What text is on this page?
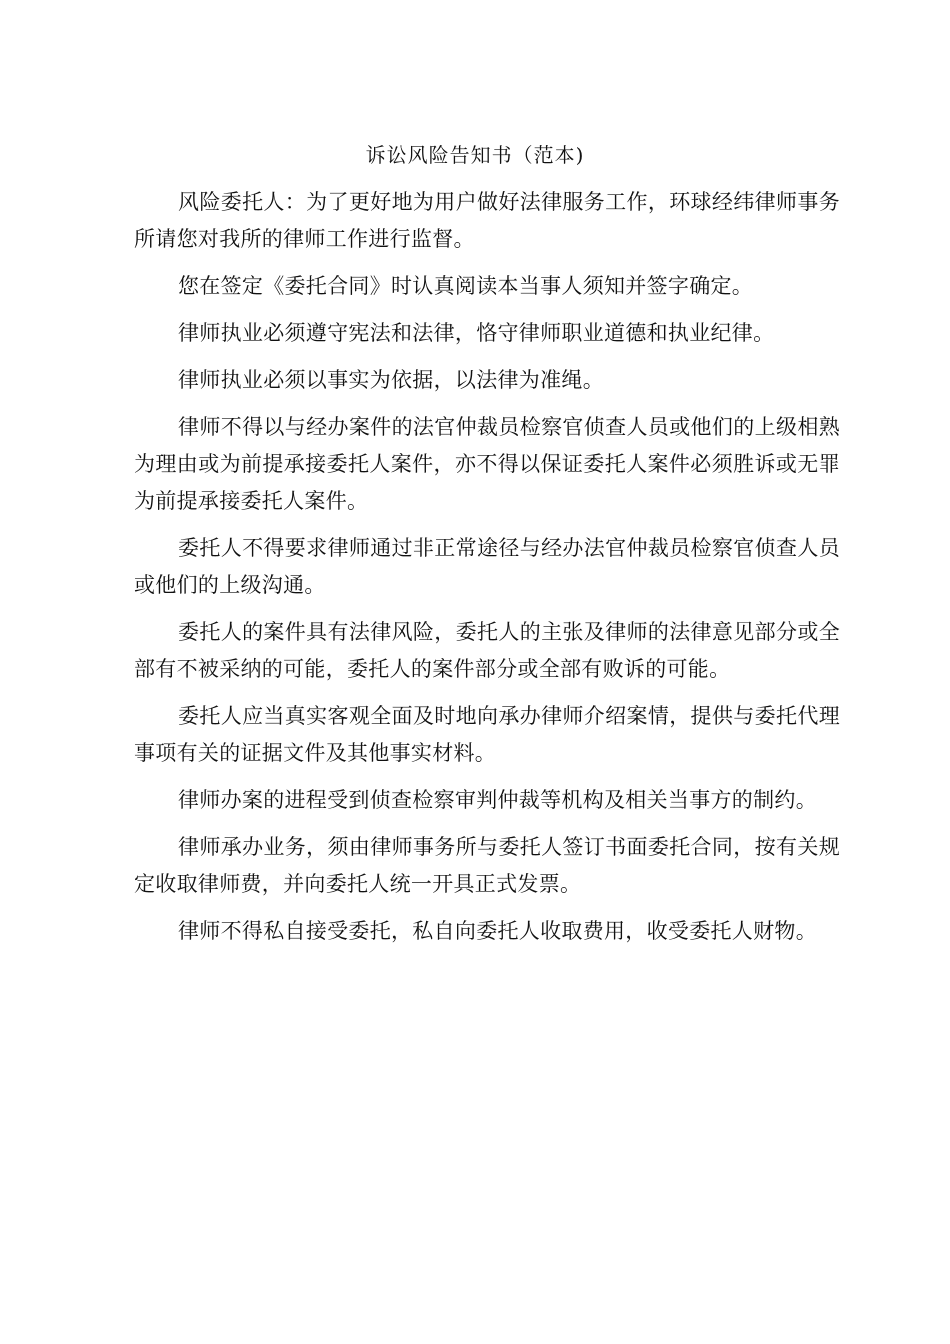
诉讼风险告知书（范本)

风险委托人：为了更好地为用户做好法律服务工作，环球经纬律师事务所请您对我所的律师工作进行监督。

您在签定《委托合同》时认真阅读本当事人须知并签字确定。

律师执业必须遵守宪法和法律，恪守律师职业道德和执业纪律。

律师执业必须以事实为依据，以法律为准绳。

律师不得以与经办案件的法官仲裁员检察官侦查人员或他们的上级相熟为理由或为前提承接委托人案件，亦不得以保证委托人案件必须胜诉或无罪为前提承接委托人案件。

委托人不得要求律师通过非正常途径与经办法官仲裁员检察官侦查人员或他们的上级沟通。

委托人的案件具有法律风险，委托人的主张及律师的法律意见部分或全部有不被采纳的可能，委托人的案件部分或全部有败诉的可能。

委托人应当真实客观全面及时地向承办律师介绍案情，提供与委托代理事项有关的证据文件及其他事实材料。

律师办案的进程受到侦查检察审判仲裁等机构及相关当事方的制约。

律师承办业务，须由律师事务所与委托人签订书面委托合同，按有关规定收取律师费，并向委托人统一开具正式发票。

律师不得私自接受委托，私自向委托人收取费用，收受委托人财物。
